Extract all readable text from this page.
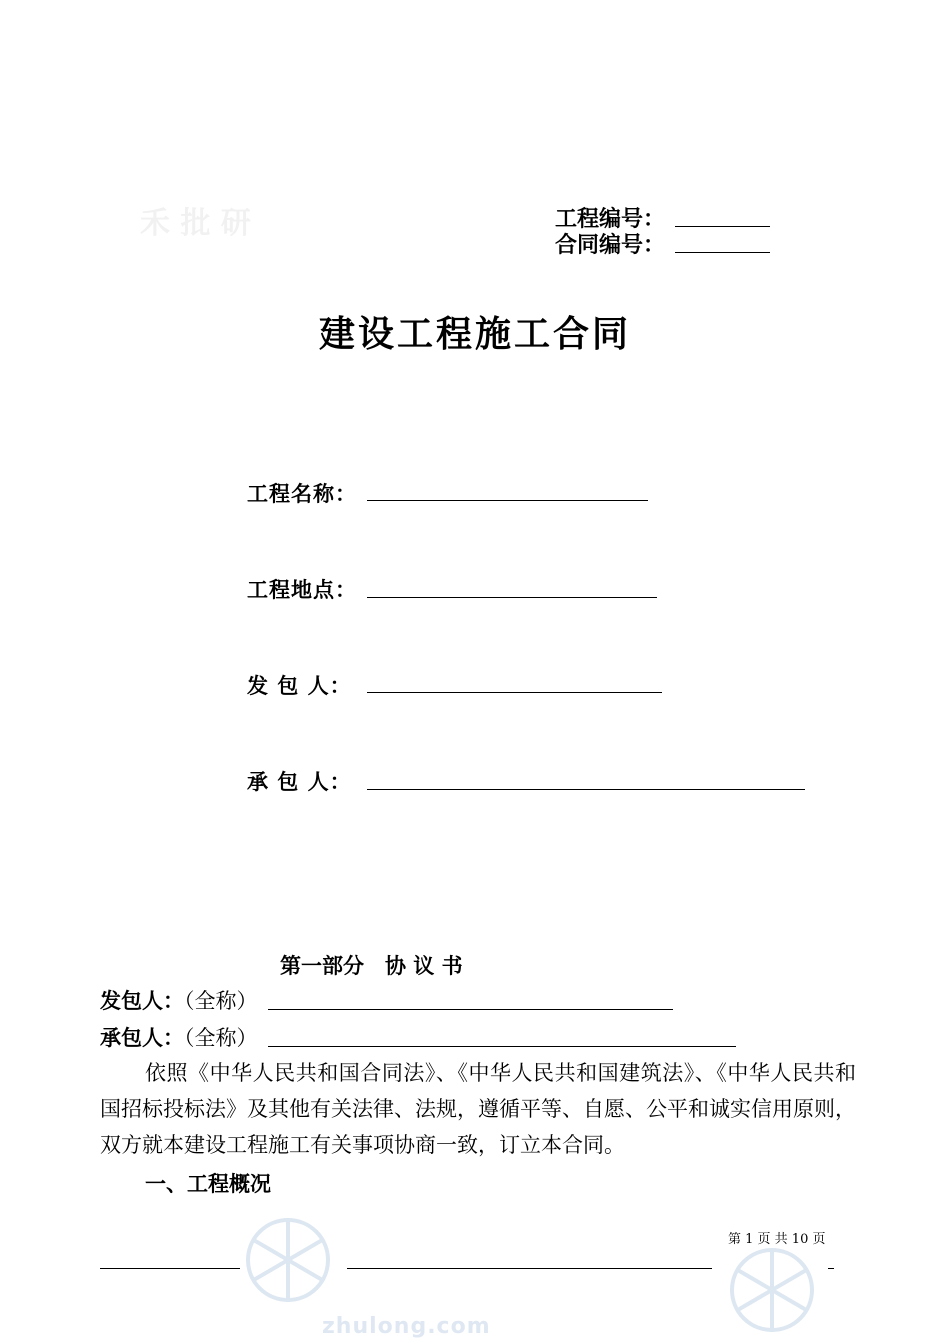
禾 批 研	工程编号：
合同编号：
建设工程施工合同
工程名称：
工程地点：
发 包 人：
承 包 人：
第一部分　协 议 书
发包人：（全称）
承包人：（全称）
依照《中华人民共和国合同法》、《中华人民共和国建筑法》、《中华人民共和国招标投标法》及其他有关法律、法规，遵循平等、自愿、公平和诚实信用原则，双方就本建设工程施工有关事项协商一致，订立本合同。
一、工程概况
zhulong.com
第 1 页 共 10 页
